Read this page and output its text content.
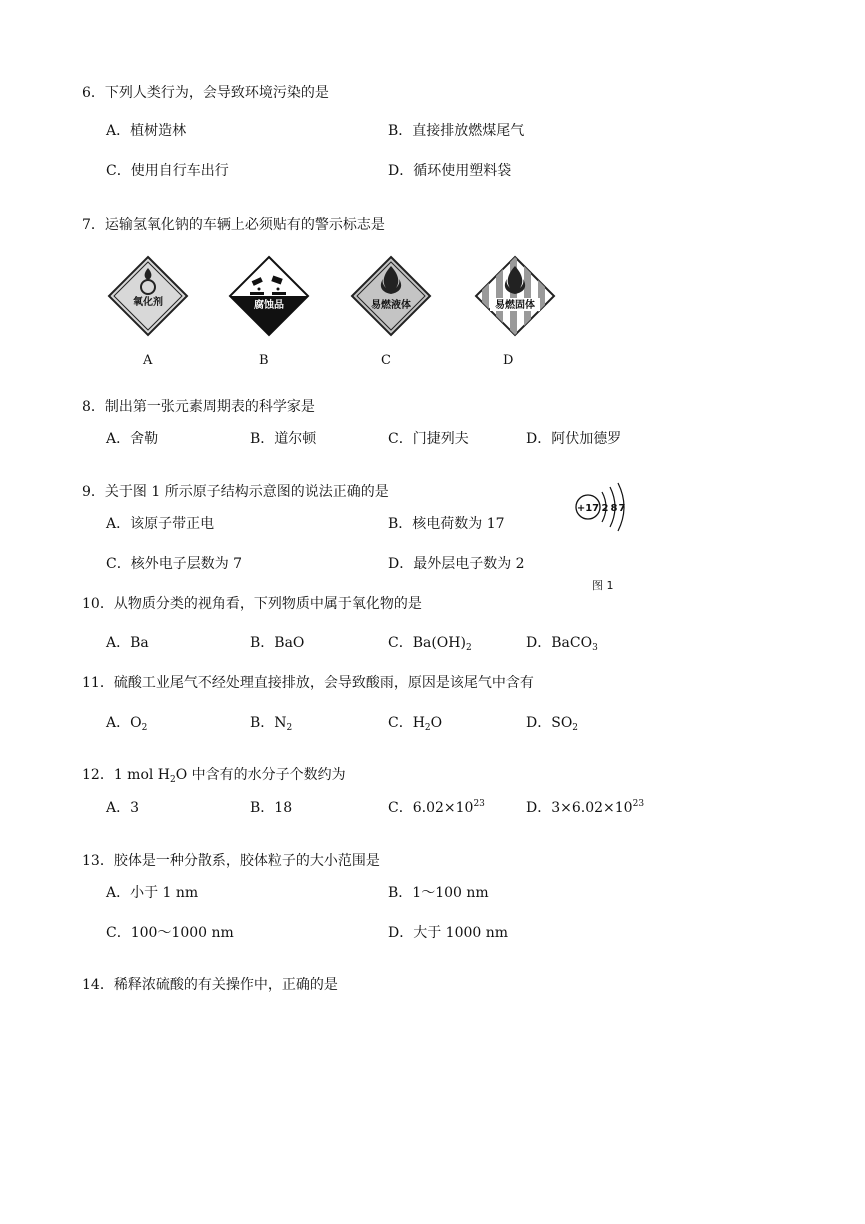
6．下列人类行为，会导致环境污染的是
A．植树造林	B．直接排放燃煤尾气
C．使用自行车出行	D．循环使用塑料袋
7．运输氢氧化钠的车辆上必须贴有的警示标志是
氧化剂	腐蚀品	易燃液体	易燃固体
A	B	C	D
8．制出第一张元素周期表的科学家是
A．舍勒	B．道尔顿	C．门捷列夫	D．阿伏加德罗
9．关于图 1 所示原子结构示意图的说法正确的是
A．该原子带正电	B．核电荷数为 17
C．核外电子层数为 7	D．最外层电子数为 2
+17 2 8 7
图 1
10．从物质分类的视角看，下列物质中属于氧化物的是
A．Ba	B．BaO	C．$Ba(OH)_2$	D．BaCO$_3$
11．硫酸工业尾气不经处理直接排放，会导致酸雨，原因是该尾气中含有
A．$O_2$	B．$N_2$	C．$H_2O$	D．$SO_2$
12．1 mol $H_2O$ 中含有的水分子个数约为
A．3	B．18	C．$6.02\times 10^{23}$	D．$3\times 6.02\times 10^{23}$
13．胶体是一种分散系，胶体粒子的大小范围是
A．小于 1 nm	B．1～100 nm
C．100～1000 nm	D．大于 1000 nm
14．稀释浓硫酸的有关操作中，正确的是
